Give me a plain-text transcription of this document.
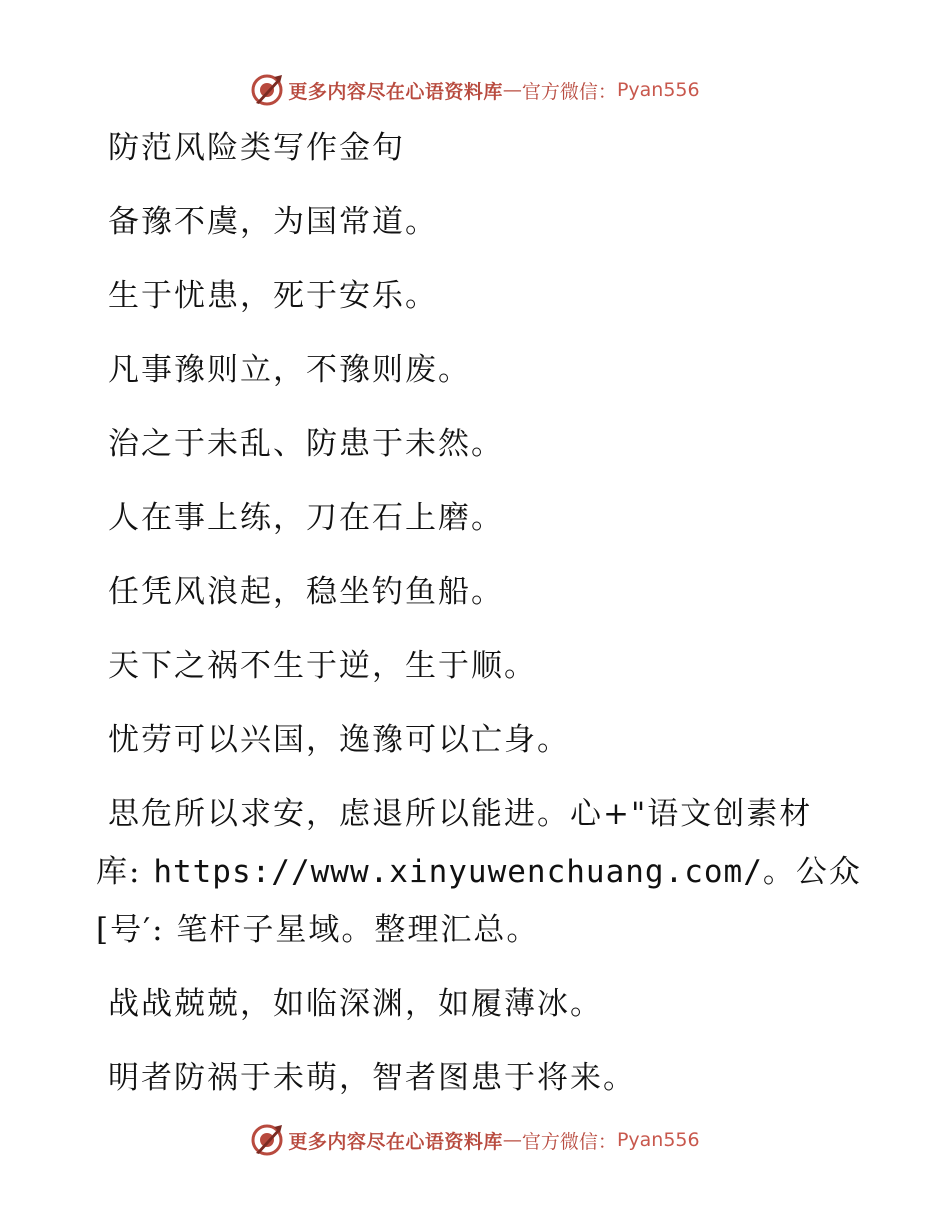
更多内容尽在心语资料库 — 官方微信： Pyan556
防范风险类写作金句
备豫不虞，为国常道。
生于忧患，死于安乐。
凡事豫则立，不豫则废。
治之于未乱、防患于未然。
人在事上练，刀在石上磨。
任凭风浪起，稳坐钓鱼船。
天下之祸不生于逆，生于顺。
忧劳可以兴国，逸豫可以亡身。
思危所以求安，虑退所以能进。心+"语文创素材
库: https://www.xinyuwenchuang.com/。公众
[号′: 笔杆子星域。整理汇总。
战战兢兢，如临深渊，如履薄冰。
明者防祸于未萌，智者图患于将来。
更多内容尽在心语资料库 — 官方微信： Pyan556
